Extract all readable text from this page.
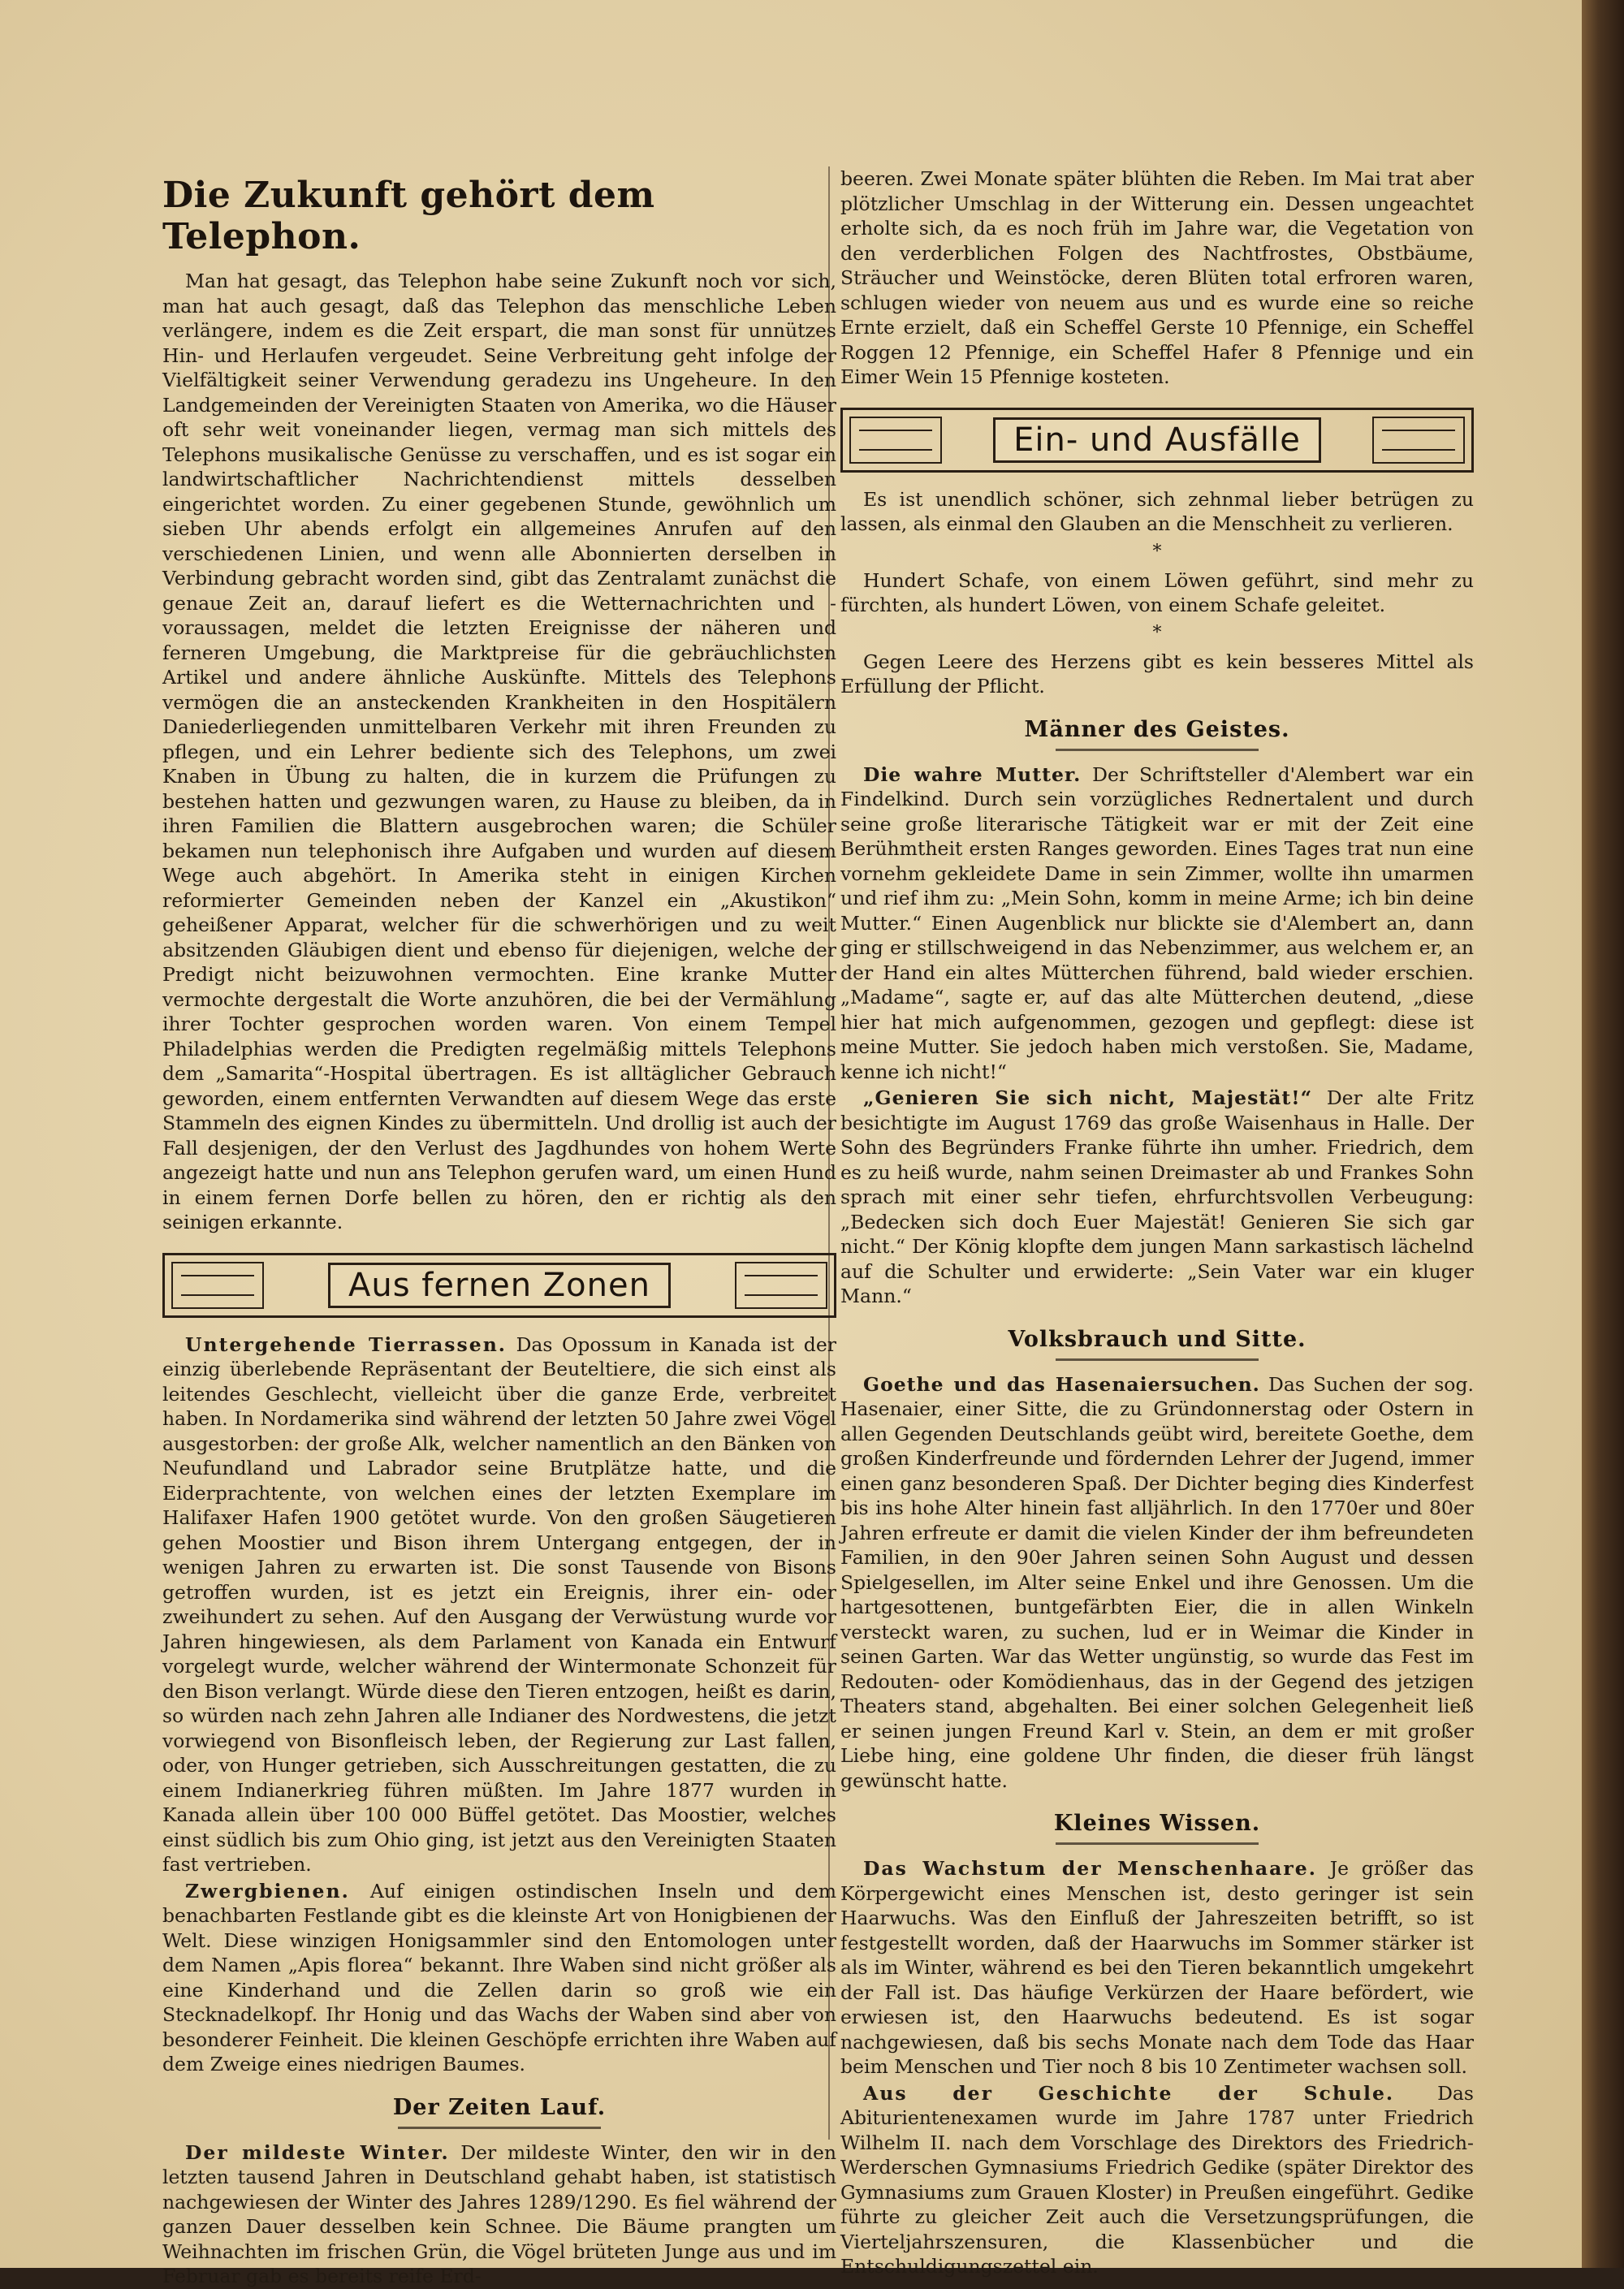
Die Zukunft gehört dem Telephon.

Man hat gesagt, das Telephon habe seine Zukunft noch vor sich, man hat auch gesagt, daß das Telephon das menschliche Leben verlängere, indem es die Zeit erspart, die man sonst für unnützes Hin- und Herlaufen vergeudet. Seine Verbreitung geht infolge der Vielfältigkeit seiner Verwendung geradezu ins Ungeheure. In den Landgemeinden der Vereinigten Staaten von Amerika, wo die Häuser oft sehr weit voneinander liegen, vermag man sich mittels des Telephons musikalische Genüsse zu verschaffen, und es ist sogar ein landwirtschaftlicher Nachrichtendienst mittels desselben eingerichtet worden. Zu einer gegebenen Stunde, gewöhnlich um sieben Uhr abends erfolgt ein allgemeines Anrufen auf den verschiedenen Linien, und wenn alle Abonnierten derselben in Verbindung gebracht worden sind, gibt das Zentralamt zunächst die genaue Zeit an, darauf liefert es die Wetternachrichten und -voraussagen, meldet die letzten Ereignisse der näheren und ferneren Umgebung, die Marktpreise für die gebräuchlichsten Artikel und andere ähnliche Auskünfte. Mittels des Telephons vermögen die an ansteckenden Krankheiten in den Hospitälern Daniederliegenden unmittelbaren Verkehr mit ihren Freunden zu pflegen, und ein Lehrer bediente sich des Telephons, um zwei Knaben in Übung zu halten, die in kurzem die Prüfungen zu bestehen hatten und gezwungen waren, zu Hause zu bleiben, da in ihren Familien die Blattern ausgebrochen waren; die Schüler bekamen nun telephonisch ihre Aufgaben und wurden auf diesem Wege auch abgehört. In Amerika steht in einigen Kirchen reformierter Gemeinden neben der Kanzel ein „Akustikon“ geheißener Apparat, welcher für die schwerhörigen und zu weit absitzenden Gläubigen dient und ebenso für diejenigen, welche der Predigt nicht beizuwohnen vermochten. Eine kranke Mutter vermochte dergestalt die Worte anzuhören, die bei der Vermählung ihrer Tochter gesprochen worden waren. Von einem Tempel Philadelphias werden die Predigten regelmäßig mittels Telephons dem „Samarita“-Hospital übertragen. Es ist alltäglicher Gebrauch geworden, einem entfernten Verwandten auf diesem Wege das erste Stammeln des eignen Kindes zu übermitteln. Und drollig ist auch der Fall desjenigen, der den Verlust des Jagdhundes von hohem Werte angezeigt hatte und nun ans Telephon gerufen ward, um einen Hund in einem fernen Dorfe bellen zu hören, den er richtig als den seinigen erkannte.

Aus fernen Zonen

Untergehende Tierrassen. Das Opossum in Kanada ist der einzig überlebende Repräsentant der Beuteltiere, die sich einst als leitendes Geschlecht, vielleicht über die ganze Erde, verbreitet haben. In Nordamerika sind während der letzten 50 Jahre zwei Vögel ausgestorben: der große Alk, welcher namentlich an den Bänken von Neufundland und Labrador seine Brutplätze hatte, und die Eiderprachtente, von welchen eines der letzten Exemplare im Halifaxer Hafen 1900 getötet wurde. Von den großen Säugetieren gehen Moostier und Bison ihrem Untergang entgegen, der in wenigen Jahren zu erwarten ist. Die sonst Tausende von Bisons getroffen wurden, ist es jetzt ein Ereignis, ihrer ein- oder zweihundert zu sehen. Auf den Ausgang der Verwüstung wurde vor Jahren hingewiesen, als dem Parlament von Kanada ein Entwurf vorgelegt wurde, welcher während der Wintermonate Schonzeit für den Bison verlangt. Würde diese den Tieren entzogen, heißt es darin, so würden nach zehn Jahren alle Indianer des Nordwestens, die jetzt vorwiegend von Bisonfleisch leben, der Regierung zur Last fallen, oder, von Hunger getrieben, sich Ausschreitungen gestatten, die zu einem Indianerkrieg führen müßten. Im Jahre 1877 wurden in Kanada allein über 100 000 Büffel getötet. Das Moostier, welches einst südlich bis zum Ohio ging, ist jetzt aus den Vereinigten Staaten fast vertrieben.

Zwergbienen. Auf einigen ostindischen Inseln und dem benachbarten Festlande gibt es die kleinste Art von Honigbienen der Welt. Diese winzigen Honigsammler sind den Entomologen unter dem Namen „Apis florea“ bekannt. Ihre Waben sind nicht größer als eine Kinderhand und die Zellen darin so groß wie ein Stecknadelkopf. Ihr Honig und das Wachs der Waben sind aber von besonderer Feinheit. Die kleinen Geschöpfe errichten ihre Waben auf dem Zweige eines niedrigen Baumes.

Der Zeiten Lauf.

Der mildeste Winter. Der mildeste Winter, den wir in den letzten tausend Jahren in Deutschland gehabt haben, ist statistisch nachgewiesen der Winter des Jahres 1289/1290. Es fiel während der ganzen Dauer desselben kein Schnee. Die Bäume prangten um Weihnachten im frischen Grün, die Vögel brüteten Junge aus und im Februar gab es bereits reife Erd-

beeren. Zwei Monate später blühten die Reben. Im Mai trat aber plötzlicher Umschlag in der Witterung ein. Dessen ungeachtet erholte sich, da es noch früh im Jahre war, die Vegetation von den verderblichen Folgen des Nachtfrostes, Obstbäume, Sträucher und Weinstöcke, deren Blüten total erfroren waren, schlugen wieder von neuem aus und es wurde eine so reiche Ernte erzielt, daß ein Scheffel Gerste 10 Pfennige, ein Scheffel Roggen 12 Pfennige, ein Scheffel Hafer 8 Pfennige und ein Eimer Wein 15 Pfennige kosteten.

Ein- und Ausfälle

Es ist unendlich schöner, sich zehnmal lieber betrügen zu lassen, als einmal den Glauben an die Menschheit zu verlieren.

*

Hundert Schafe, von einem Löwen geführt, sind mehr zu fürchten, als hundert Löwen, von einem Schafe geleitet.

*

Gegen Leere des Herzens gibt es kein besseres Mittel als Erfüllung der Pflicht.

Männer des Geistes.

Die wahre Mutter. Der Schriftsteller d'Alembert war ein Findelkind. Durch sein vorzügliches Rednertalent und durch seine große literarische Tätigkeit war er mit der Zeit eine Berühmtheit ersten Ranges geworden. Eines Tages trat nun eine vornehm gekleidete Dame in sein Zimmer, wollte ihn umarmen und rief ihm zu: „Mein Sohn, komm in meine Arme; ich bin deine Mutter.“ Einen Augenblick nur blickte sie d'Alembert an, dann ging er stillschweigend in das Nebenzimmer, aus welchem er, an der Hand ein altes Mütterchen führend, bald wieder erschien. „Madame“, sagte er, auf das alte Mütterchen deutend, „diese hier hat mich aufgenommen, gezogen und gepflegt: diese ist meine Mutter. Sie jedoch haben mich verstoßen. Sie, Madame, kenne ich nicht!“

„Genieren Sie sich nicht, Majestät!“ Der alte Fritz besichtigte im August 1769 das große Waisenhaus in Halle. Der Sohn des Begründers Franke führte ihn umher. Friedrich, dem es zu heiß wurde, nahm seinen Dreimaster ab und Frankes Sohn sprach mit einer sehr tiefen, ehrfurchtsvollen Verbeugung: „Bedecken sich doch Euer Majestät! Genieren Sie sich gar nicht.“ Der König klopfte dem jungen Mann sarkastisch lächelnd auf die Schulter und erwiderte: „Sein Vater war ein kluger Mann.“

Volksbrauch und Sitte.

Goethe und das Hasenaiersuchen. Das Suchen der sog. Hasenaier, einer Sitte, die zu Gründonnerstag oder Ostern in allen Gegenden Deutschlands geübt wird, bereitete Goethe, dem großen Kinderfreunde und fördernden Lehrer der Jugend, immer einen ganz besonderen Spaß. Der Dichter beging dies Kinderfest bis ins hohe Alter hinein fast alljährlich. In den 1770er und 80er Jahren erfreute er damit die vielen Kinder der ihm befreundeten Familien, in den 90er Jahren seinen Sohn August und dessen Spielgesellen, im Alter seine Enkel und ihre Genossen. Um die hartgesottenen, buntgefärbten Eier, die in allen Winkeln versteckt waren, zu suchen, lud er in Weimar die Kinder in seinen Garten. War das Wetter ungünstig, so wurde das Fest im Redouten- oder Komödienhaus, das in der Gegend des jetzigen Theaters stand, abgehalten. Bei einer solchen Gelegenheit ließ er seinen jungen Freund Karl v. Stein, an dem er mit großer Liebe hing, eine goldene Uhr finden, die dieser früh längst gewünscht hatte.

Kleines Wissen.

Das Wachstum der Menschenhaare. Je größer das Körpergewicht eines Menschen ist, desto geringer ist sein Haarwuchs. Was den Einfluß der Jahreszeiten betrifft, so ist festgestellt worden, daß der Haarwuchs im Sommer stärker ist als im Winter, während es bei den Tieren bekanntlich umgekehrt der Fall ist. Das häufige Verkürzen der Haare befördert, wie erwiesen ist, den Haarwuchs bedeutend. Es ist sogar nachgewiesen, daß bis sechs Monate nach dem Tode das Haar beim Menschen und Tier noch 8 bis 10 Zentimeter wachsen soll.

Aus der Geschichte der Schule. Das Abiturientenexamen wurde im Jahre 1787 unter Friedrich Wilhelm II. nach dem Vorschlage des Direktors des Friedrich-Werderschen Gymnasiums Friedrich Gedike (später Direktor des Gymnasiums zum Grauen Kloster) in Preußen eingeführt. Gedike führte zu gleicher Zeit auch die Versetzungsprüfungen, die Vierteljahrszensuren, die Klassenbücher und die Entschuldigungszettel ein.
